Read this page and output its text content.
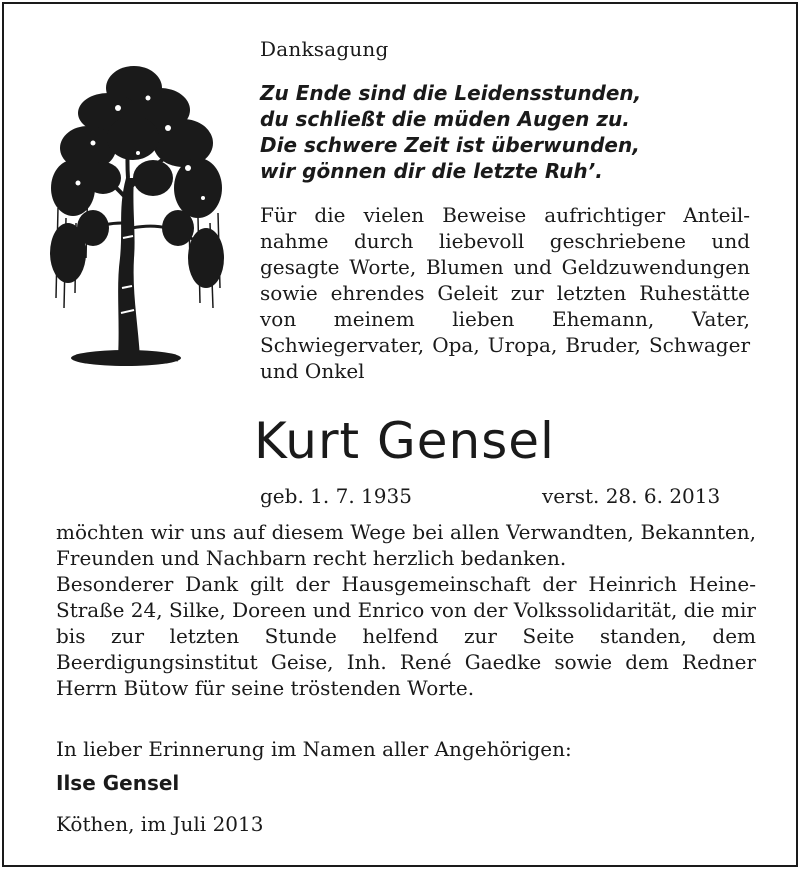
Danksagung
Zu Ende sind die Leidensstunden,
du schließt die müden Augen zu.
Die schwere Zeit ist überwunden,
wir gönnen dir die letzte Ruh’.
Für die vielen Beweise aufrichtiger Anteilnahme durch liebevoll geschriebene und gesagte Worte, Blumen und Geldzuwendungen sowie ehrendes Geleit zur letzten Ruhestätte von meinem lieben Ehemann, Vater, Schwiegervater, Opa, Uropa, Bruder, Schwager und Onkel
Kurt Gensel
geb. 1. 7. 1935	verst. 28. 6. 2013

möchten wir uns auf diesem Wege bei allen Verwandten, Bekannten, Freunden und Nachbarn recht herzlich bedanken.

Besonderer Dank gilt der Hausgemeinschaft der Heinrich Heine-Straße 24, Silke, Doreen und Enrico von der Volkssolidarität, die mir bis zur letzten Stunde helfend zur Seite standen, dem Beerdigungsinstitut Geise, Inh. René Gaedke sowie dem Redner Herrn Bütow für seine tröstenden Worte.

In lieber Erinnerung im Namen aller Angehörigen:
Ilse Gensel
Köthen, im Juli 2013
